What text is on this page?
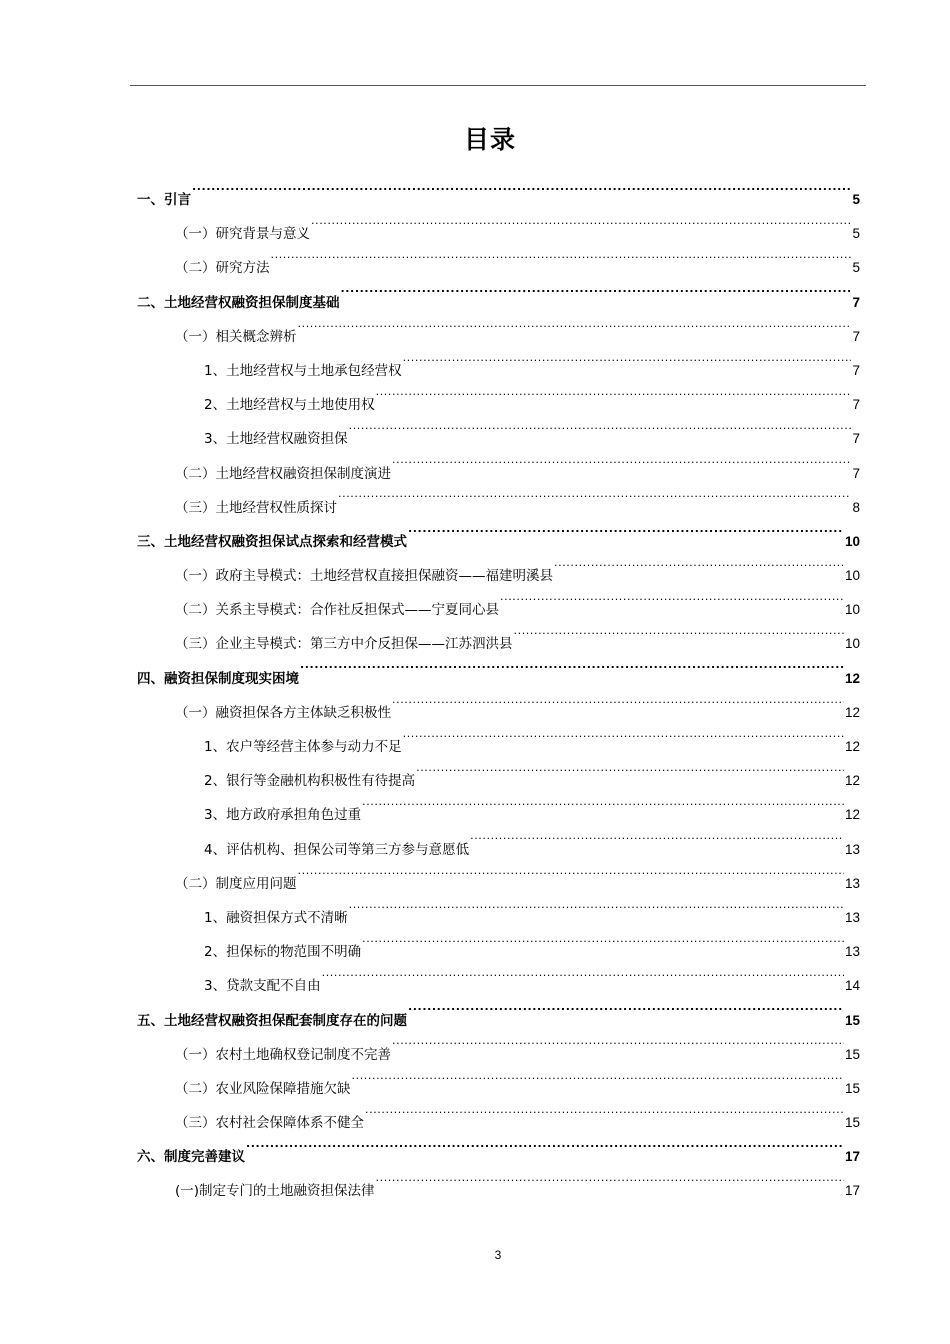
目录
一、引言 .....	5
（一）研究背景与意义 .....	5
（二）研究方法 .....	5
二、土地经营权融资担保制度基础 .....	7
（一）相关概念辨析 .....	7
1、土地经营权与土地承包经营权 .....	7
2、土地经营权与土地使用权 .....	7
3、土地经营权融资担保 .....	7
（二）土地经营权融资担保制度演进 .....	7
（三）土地经营权性质探讨 .....	8
三、土地经营权融资担保试点探索和经营模式 .....	10
（一）政府主导模式：土地经营权直接担保融资——福建明溪县 .....	10
（二）关系主导模式：合作社反担保式——宁夏同心县 .....	10
（三）企业主导模式：第三方中介反担保——江苏泗洪县 .....	10
四、融资担保制度现实困境 .....	12
（一）融资担保各方主体缺乏积极性 .....	12
1、农户等经营主体参与动力不足 .....	12
2、银行等金融机构积极性有待提高 .....	12
3、地方政府承担角色过重 .....	12
4、评估机构、担保公司等第三方参与意愿低 .....	13
（二）制度应用问题 .....	13
1、融资担保方式不清晰 .....	13
2、担保标的物范围不明确 .....	13
3、贷款支配不自由 .....	14
五、土地经营权融资担保配套制度存在的问题 .....	15
（一）农村土地确权登记制度不完善 .....	15
（二）农业风险保障措施欠缺 .....	15
（三）农村社会保障体系不健全 .....	15
六、制度完善建议 .....	17
(一)制定专门的土地融资担保法律 .....	17
3
